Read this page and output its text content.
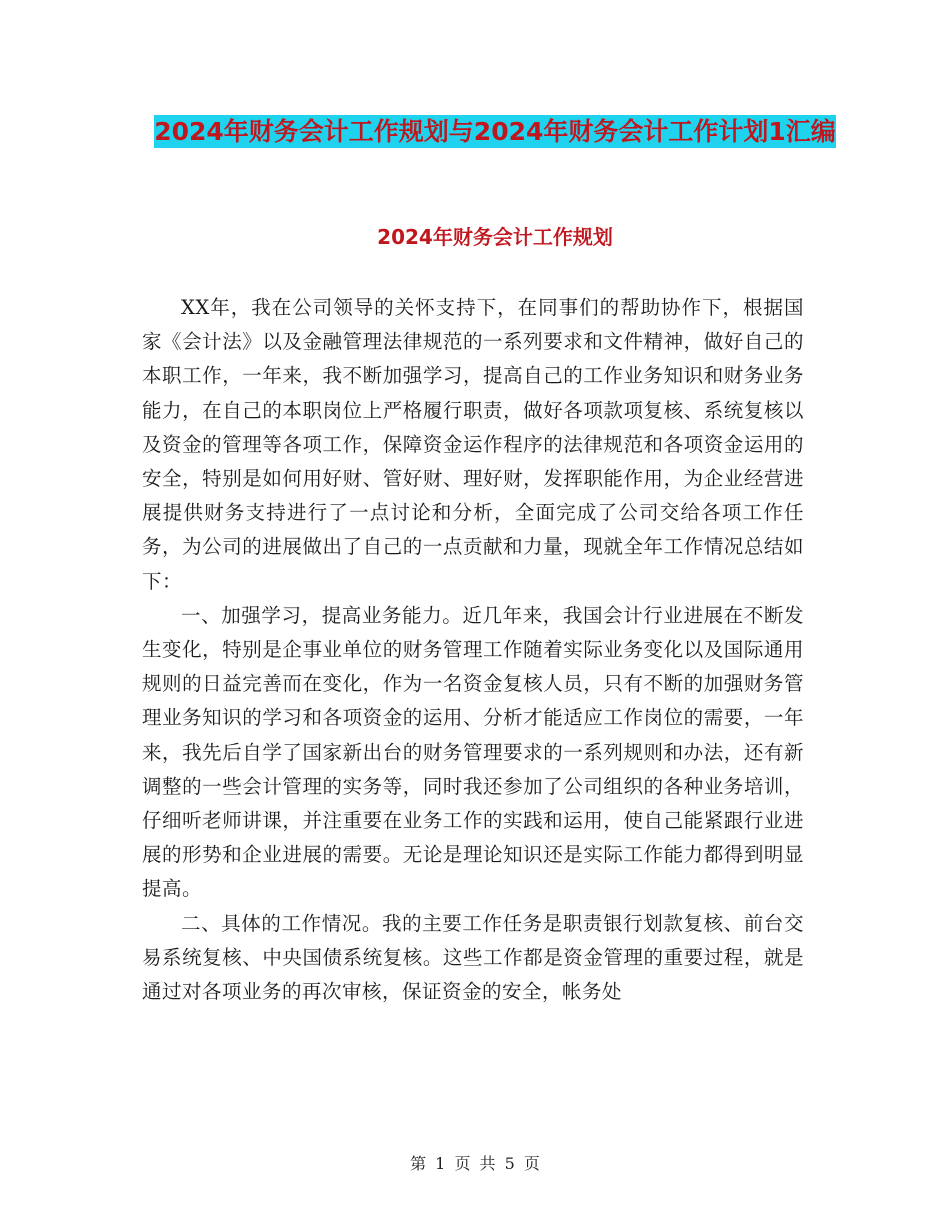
2024年财务会计工作规划与2024年财务会计工作计划1汇编
2024年财务会计工作规划

XX年，我在公司领导的关怀支持下，在同事们的帮助协作下，根据国家《会计法》以及金融管理法律规范的一系列要求和文件精神，做好自己的本职工作，一年来，我不断加强学习，提高自己的工作业务知识和财务业务能力，在自己的本职岗位上严格履行职责，做好各项款项复核、系统复核以及资金的管理等各项工作，保障资金运作程序的法律规范和各项资金运用的安全，特别是如何用好财、管好财、理好财，发挥职能作用，为企业经营进展提供财务支持进行了一点讨论和分析，全面完成了公司交给各项工作任务，为公司的进展做出了自己的一点贡献和力量，现就全年工作情况总结如下：

一、加强学习，提高业务能力。近几年来，我国会计行业进展在不断发生变化，特别是企事业单位的财务管理工作随着实际业务变化以及国际通用规则的日益完善而在变化，作为一名资金复核人员，只有不断的加强财务管理业务知识的学习和各项资金的运用、分析才能适应工作岗位的需要，一年来，我先后自学了国家新出台的财务管理要求的一系列规则和办法，还有新调整的一些会计管理的实务等，同时我还参加了公司组织的各种业务培训，仔细听老师讲课，并注重要在业务工作的实践和运用，使自己能紧跟行业进展的形势和企业进展的需要。无论是理论知识还是实际工作能力都得到明显提高。

二、具体的工作情况。我的主要工作任务是职责银行划款复核、前台交易系统复核、中央国债系统复核。这些工作都是资金管理的重要过程，就是通过对各项业务的再次审核，保证资金的安全，帐务处

第 1 页 共 5 页
